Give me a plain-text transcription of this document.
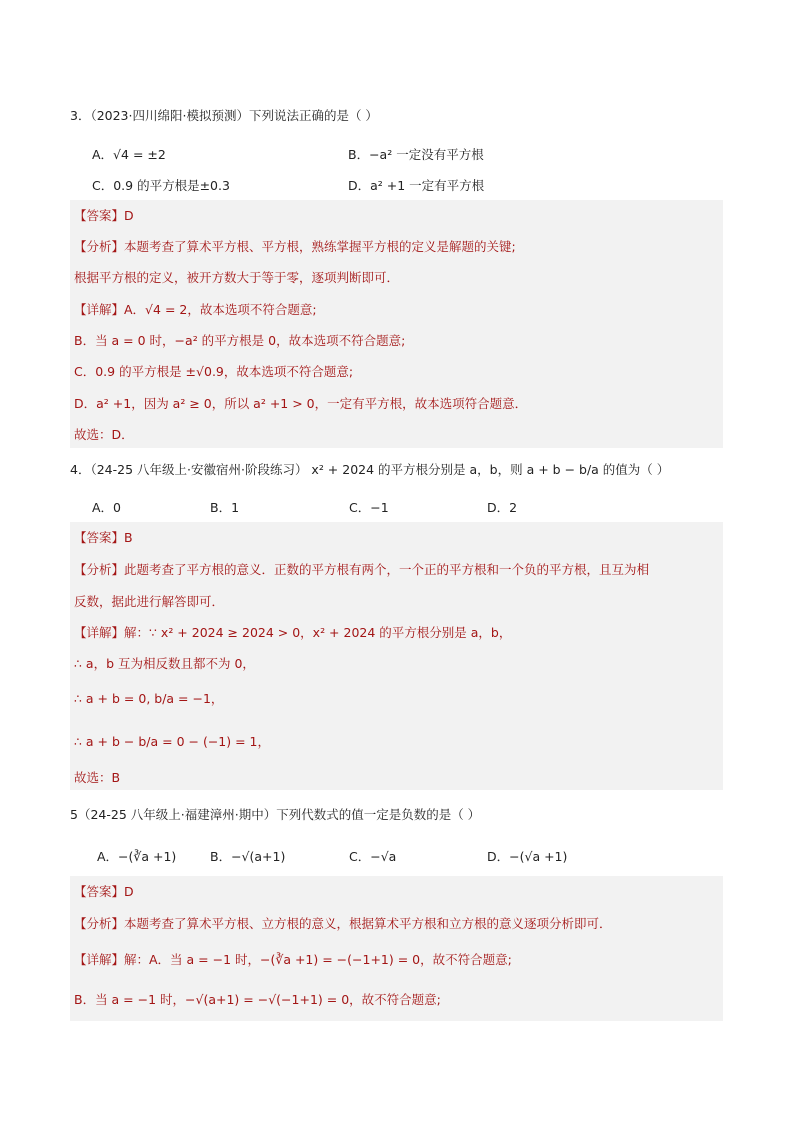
3．（2023·四川绵阳·模拟预测）下列说法正确的是（ ）
A．√4 = ±2	B．−a² 一定没有平方根
C．0.9 的平方根是±0.3	D．a² +1 一定有平方根
【答案】D
【分析】本题考查了算术平方根、平方根，熟练掌握平方根的定义是解题的关键;
根据平方根的定义，被开方数大于等于零，逐项判断即可．
【详解】A．√4 = 2，故本选项不符合题意;
B．当 a = 0 时，−a² 的平方根是 0，故本选项不符合题意;
C．0.9 的平方根是 ±√0.9，故本选项不符合题意;
D．a² +1，因为 a² ≥ 0，所以 a² +1 > 0，一定有平方根，故本选项符合题意．
故选：D．
4．（24-25 八年级上·安徽宿州·阶段练习） x² + 2024 的平方根分别是 a，b，则 a + b − b/a 的值为（ ）
A．0	B．1	C．−1	D．2
【答案】B
【分析】此题考查了平方根的意义．正数的平方根有两个，一个正的平方根和一个负的平方根，且互为相
反数，据此进行解答即可．
【详解】解：∵ x² + 2024 ≥ 2024 > 0，x² + 2024 的平方根分别是 a，b，
∴ a，b 互为相反数且都不为 0，
∴ a + b = 0, b/a = −1，
∴ a + b − b/a = 0 − (−1) = 1，
故选：B
5（24-25 八年级上·福建漳州·期中）下列代数式的值一定是负数的是（ ）
A．−(∛a +1)	B．−√(a+1)	C．−√a	D．−(√a +1)
【答案】D
【分析】本题考查了算术平方根、立方根的意义，根据算术平方根和立方根的意义逐项分析即可．
【详解】解：A．当 a = −1 时，−(∛a +1) = −(−1+1) = 0，故不符合题意;
B．当 a = −1 时，−√(a+1) = −√(−1+1) = 0，故不符合题意;
